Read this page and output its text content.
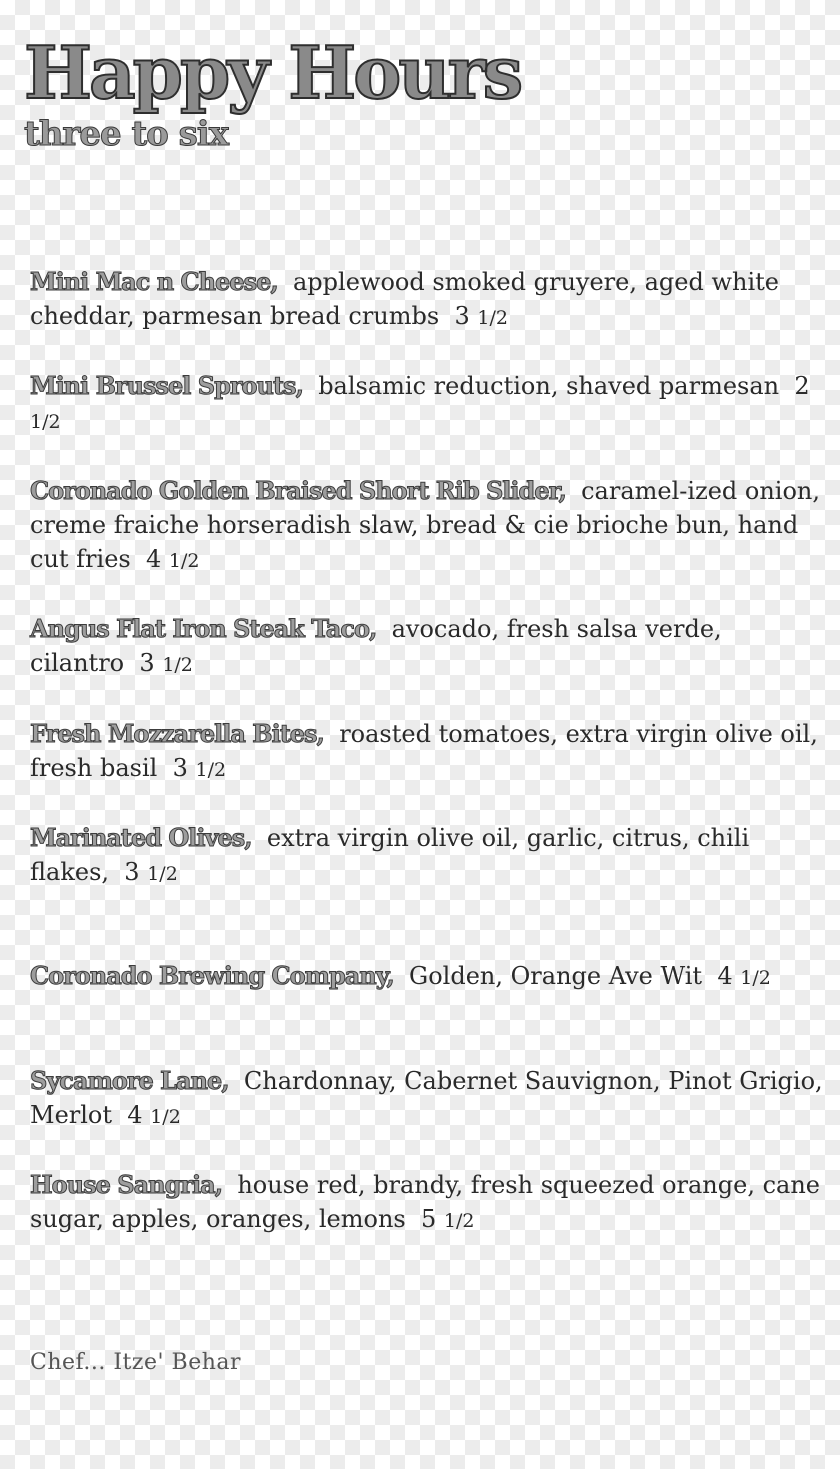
Happy Hours
three to six

Mini Mac n Cheese, applewood smoked gruyere, aged white cheddar, parmesan bread crumbs 3 1/2

Mini Brussel Sprouts, balsamic reduction, shaved parmesan 2 1/2

Coronado Golden Braised Short Rib Slider, caramel-ized onion, creme fraiche horseradish slaw, bread & cie brioche bun, hand cut fries 4 1/2

Angus Flat Iron Steak Taco, avocado, fresh salsa verde, cilantro 3 1/2

Fresh Mozzarella Bites, roasted tomatoes, extra virgin olive oil, fresh basil 3 1/2

Marinated Olives, extra virgin olive oil, garlic, citrus, chili flakes, 3 1/2

Coronado Brewing Company, Golden, Orange Ave Wit 4 1/2

Sycamore Lane, Chardonnay, Cabernet Sauvignon, Pinot Grigio, Merlot 4 1/2

House Sangria, house red, brandy, fresh squeezed orange, cane sugar, apples, oranges, lemons 5 1/2

Chef... Itze' Behar
